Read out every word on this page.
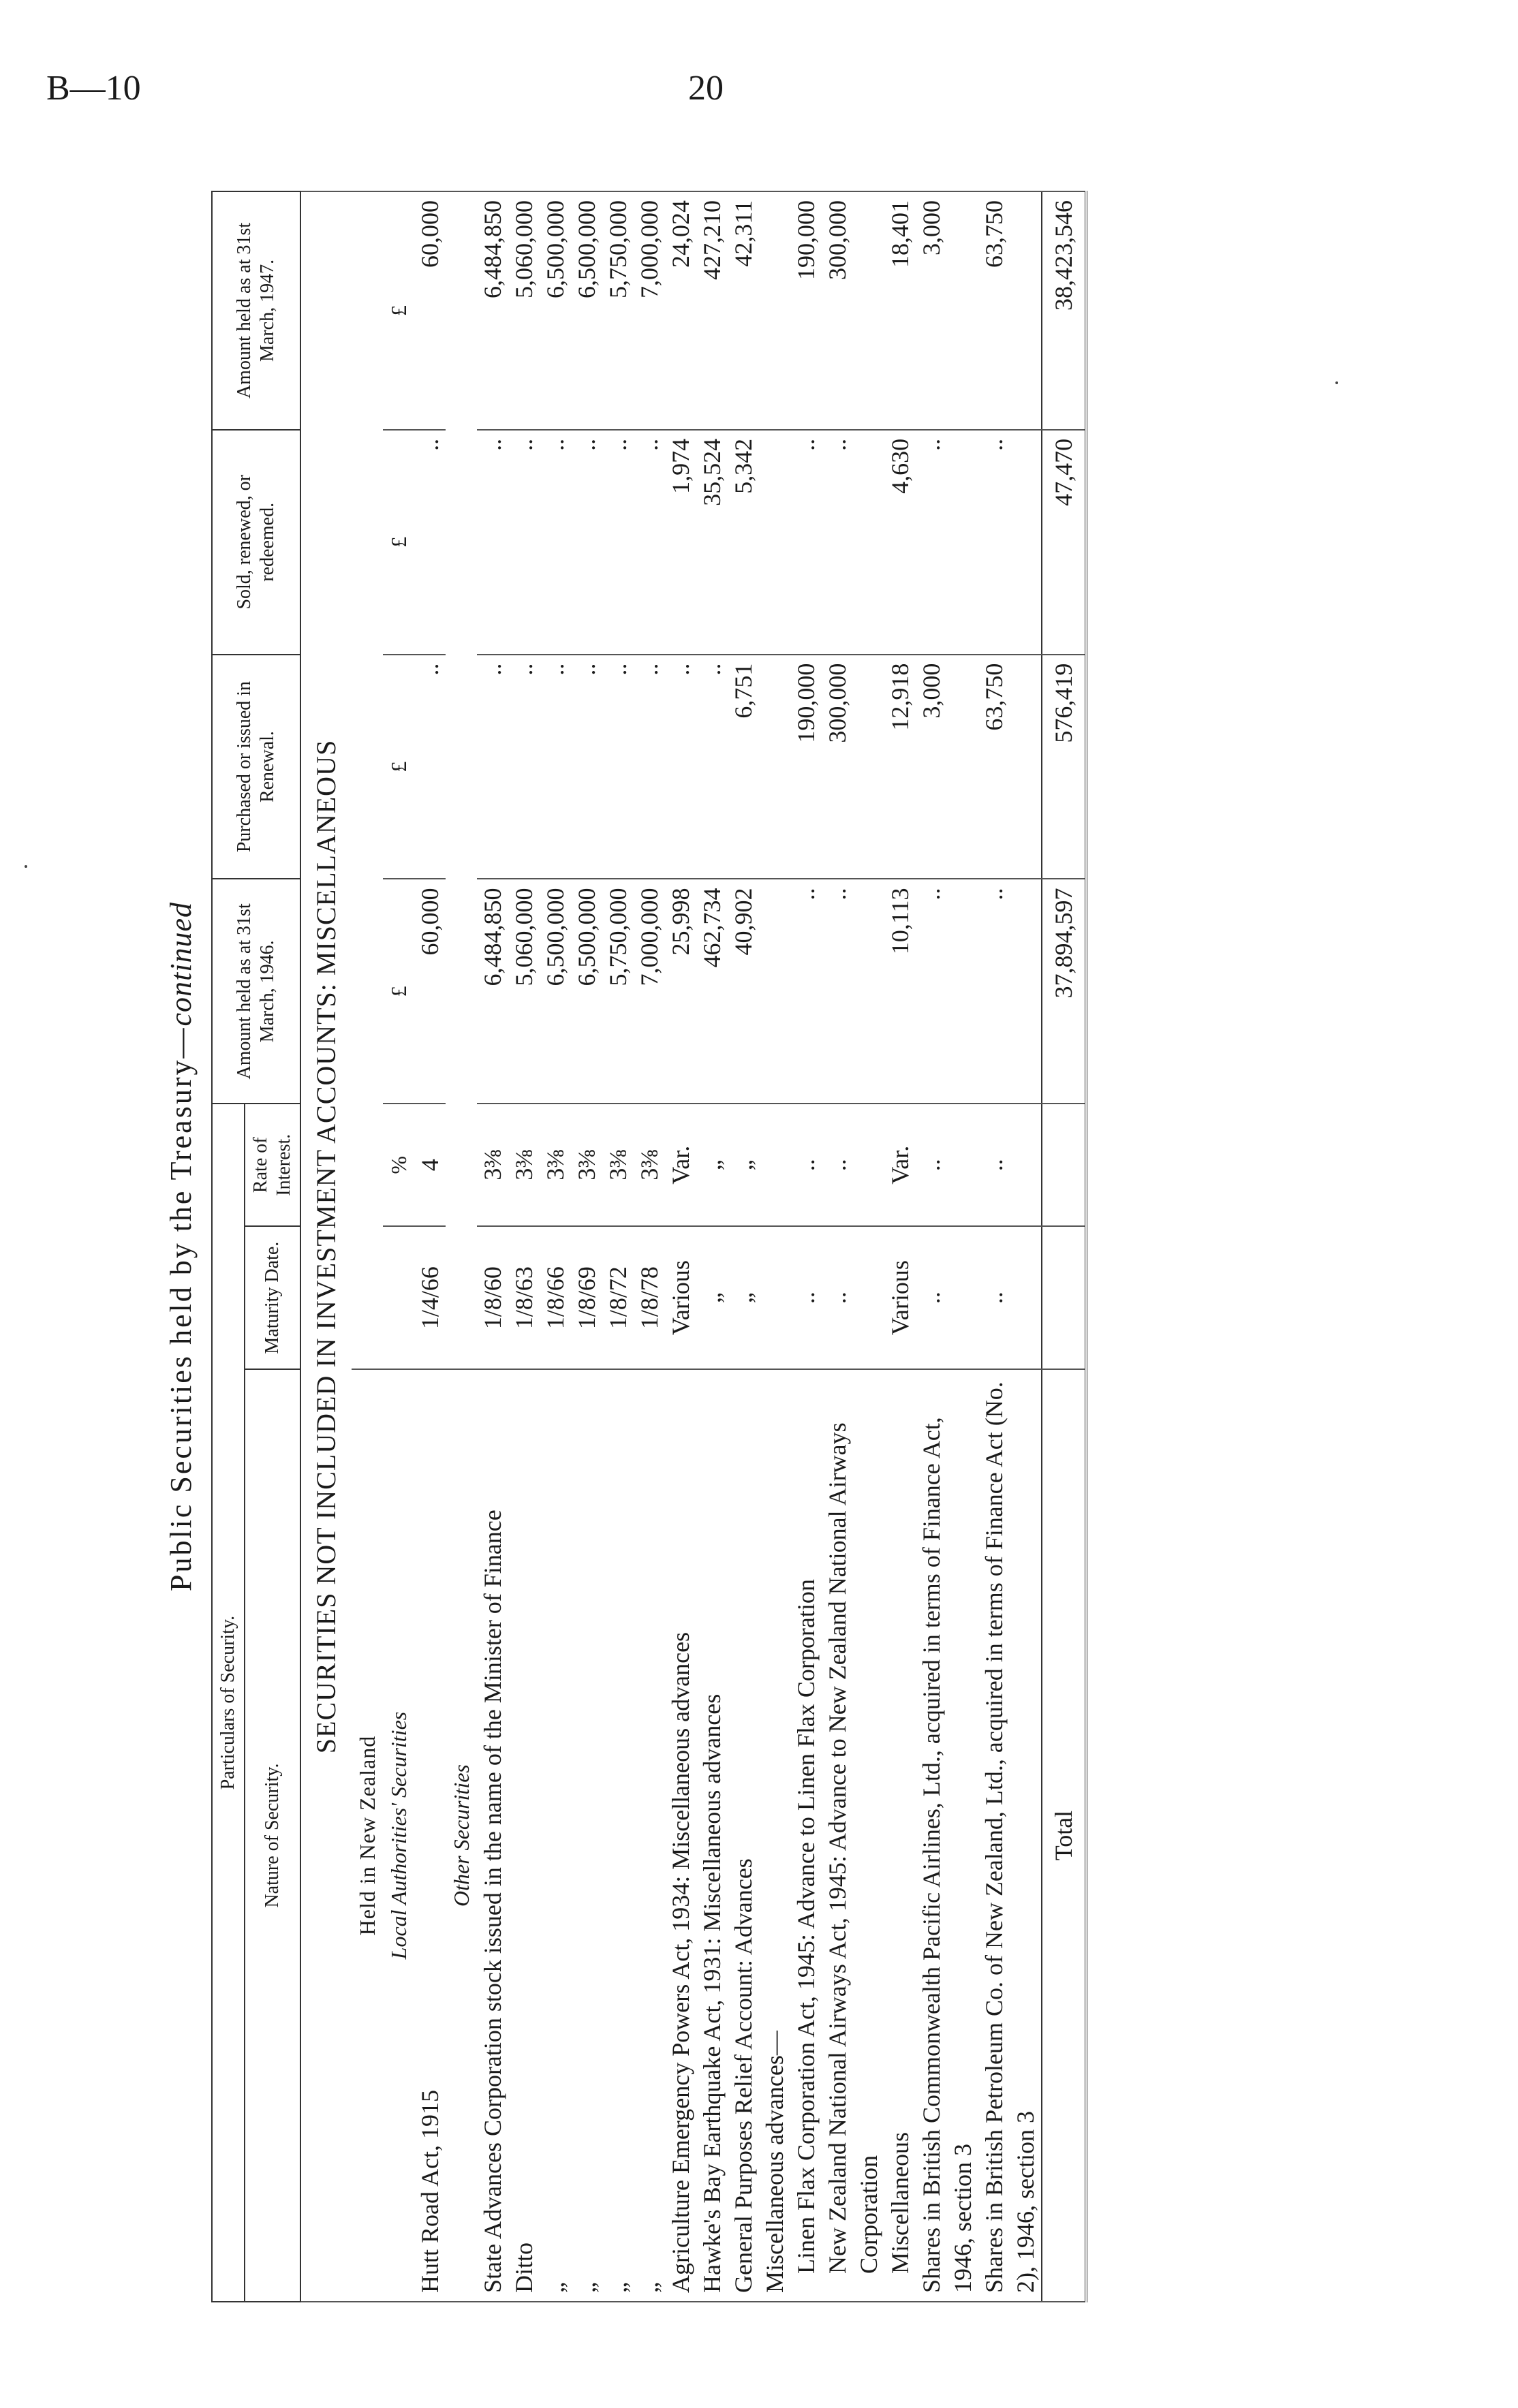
B—10	20
Public Securities held by the Treasury—continued
Particulars of Security.			Amount held as at 31st March, 1946.	Purchased or issued in Renewal.	Sold, renewed, or redeemed.	Amount held as at 31st March, 1947.
Nature of Security.	Maturity Date.	Rate of Interest.				
SECURITIES NOT INCLUDED IN INVESTMENT ACCOUNTS: MISCELLANEOUS						
Held in New Zealand						
Local Authorities' Securities		%	£	£	£	£
Hutt Road Act, 1915	1/4/66	4	60,000	..	..	60,000
Other Securities						
State Advances Corporation stock issued in the name of the Minister of Finance	1/8/60	3⅜	6,484,850	..	..	6,484,850
Ditto	1/8/63	3⅜	5,060,000	..	..	5,060,000
„	1/8/66	3⅜	6,500,000	..	..	6,500,000
„	1/8/69	3⅜	6,500,000	..	..	6,500,000
„	1/8/72	3⅜	5,750,000	..	..	5,750,000
„	1/8/78	3⅜	7,000,000	..	..	7,000,000
Agriculture Emergency Powers Act, 1934: Miscellaneous advances	Various	Var.	25,998	..	1,974	24,024
Hawke's Bay Earthquake Act, 1931: Miscellaneous advances	„	„	462,734	..	35,524	427,210
General Purposes Relief Account: Advances	„	„	40,902	6,751	5,342	42,311
Miscellaneous advances—						
Linen Flax Corporation Act, 1945: Advance to Linen Flax Corporation	..	..	..	190,000	..	190,000
New Zealand National Airways Act, 1945: Advance to New Zealand National Airways Corporation	..	..	..	300,000	..	300,000
Miscellaneous	Various	Var.	10,113	12,918	4,630	18,401
Shares in British Commonwealth Pacific Airlines, Ltd., acquired in terms of Finance Act, 1946, section 3	..	..	..	3,000	..	3,000
Shares in British Petroleum Co. of New Zealand, Ltd., acquired in terms of Finance Act (No. 2), 1946, section 3	..	..	..	63,750	..	63,750
Total			37,894,597	576,419	47,470	38,423,546
